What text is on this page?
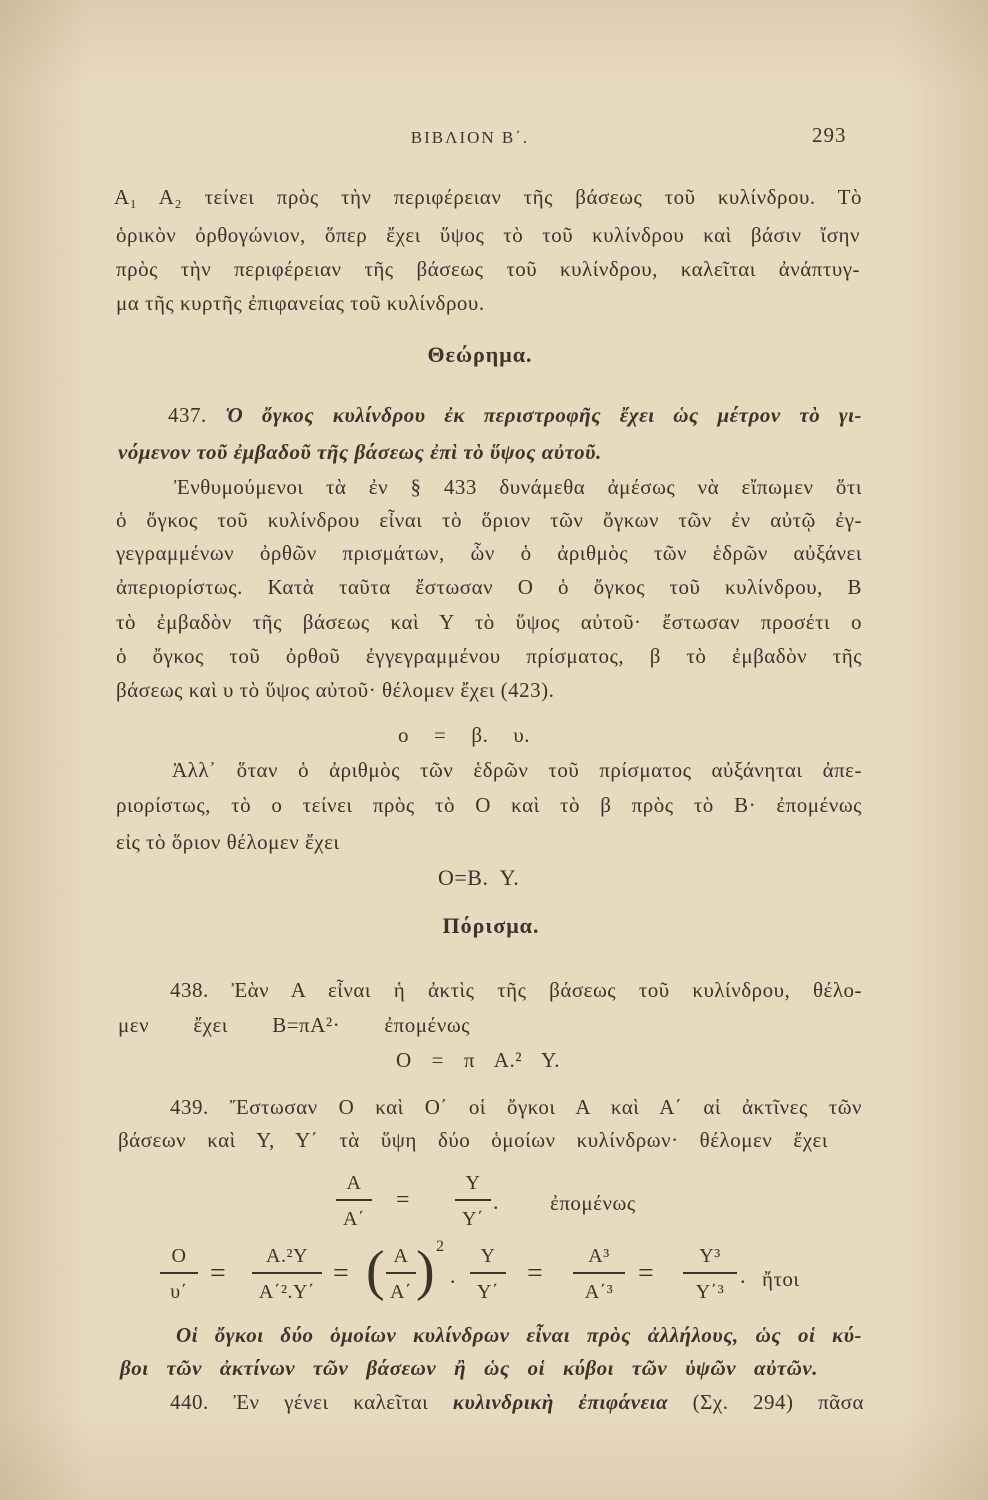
ΒΙΒΛΙΟΝ Β΄.	293
Α₁ Α₂ τείνει πρὸς τὴν περιφέρειαν τῆς βάσεως τοῦ κυλίνδρου. Τὸ
ὁρικὸν ὀρθογώνιον, ὅπερ ἔχει ὕψος τὸ τοῦ κυλίνδρου καὶ βάσιν ἴσην
πρὸς τὴν περιφέρειαν τῆς βάσεως τοῦ κυλίνδρου, καλεῖται ἀνάπτυγ-
μα τῆς κυρτῆς ἐπιφανείας τοῦ κυλίνδρου.
Θεώρημα.
437. Ὁ ὄγκος κυλίνδρου ἐκ περιστροφῆς ἔχει ὡς μέτρον τὸ γι-
νόμενον τοῦ ἐμβαδοῦ τῆς βάσεως ἐπὶ τὸ ὕψος αὐτοῦ.
Ἐνθυμούμενοι τὰ ἐν § 433 δυνάμεθα ἀμέσως νὰ εἴπωμεν ὅτι
ὁ ὄγκος τοῦ κυλίνδρου εἶναι τὸ ὅριον τῶν ὄγκων τῶν ἐν αὐτῷ ἐγ-
γεγραμμένων ὀρθῶν πρισμάτων, ὧν ὁ ἀριθμὸς τῶν ἑδρῶν αὐξάνει
ἀπεριορίστως. Κατὰ ταῦτα ἔστωσαν Ο ὁ ὄγκος τοῦ κυλίνδρου, Β
τὸ ἐμβαδὸν τῆς βάσεως καὶ Υ τὸ ὕψος αὐτοῦ· ἔστωσαν προσέτι ο
ὁ ὄγκος τοῦ ὀρθοῦ ἐγγεγραμμένου πρίσματος, β τὸ ἐμβαδὸν τῆς
βάσεως καὶ υ τὸ ὕψος αὐτοῦ· θέλομεν ἔχει (423).
ο = β. υ.
Ἀλλ᾽ ὅταν ὁ ἀριθμὸς τῶν ἑδρῶν τοῦ πρίσματος αὐξάνηται ἀπε-
ριορίστως, τὸ ο τείνει πρὸς τὸ Ο καὶ τὸ β πρὸς τὸ Β· ἐπομένως
εἰς τὸ ὅριον θέλομεν ἔχει
Ο=Β. Υ.
Πόρισμα.
438. Ἐὰν Α εἶναι ἡ ἀκτὶς τῆς βάσεως τοῦ κυλίνδρου, θέλο-
μεν ἔχει Β=πΑ²· ἐπομένως
Ο = π Α.² Υ.
439. Ἔστωσαν Ο καὶ Ο΄ οἱ ὄγκοι Α καὶ Α΄ αἱ ἀκτῖνες τῶν
βάσεων καὶ Υ, Υ΄ τὰ ὕψη δύο ὁμοίων κυλίνδρων· θέλομεν ἔχει
Α
Α΄
=
Υ
Υ΄
. ἐπομένως
Ο
υ΄
=
Α.²Υ
Α΄².Υ΄
= ( Α
Α΄ ) 2
.
Υ
Υ΄
=
Α³
Α΄³
=
Υ³
Υ΄³
. ἤτοι
Οἱ ὄγκοι δύο ὁμοίων κυλίνδρων εἶναι πρὸς ἀλλήλους, ὡς οἱ κύ-
βοι τῶν ἀκτίνων τῶν βάσεων ἢ ὡς οἱ κύβοι τῶν ὑψῶν αὐτῶν.
440. Ἐν γένει καλεῖται κυλινδρικὴ ἐπιφάνεια (Σχ. 294) πᾶσα
